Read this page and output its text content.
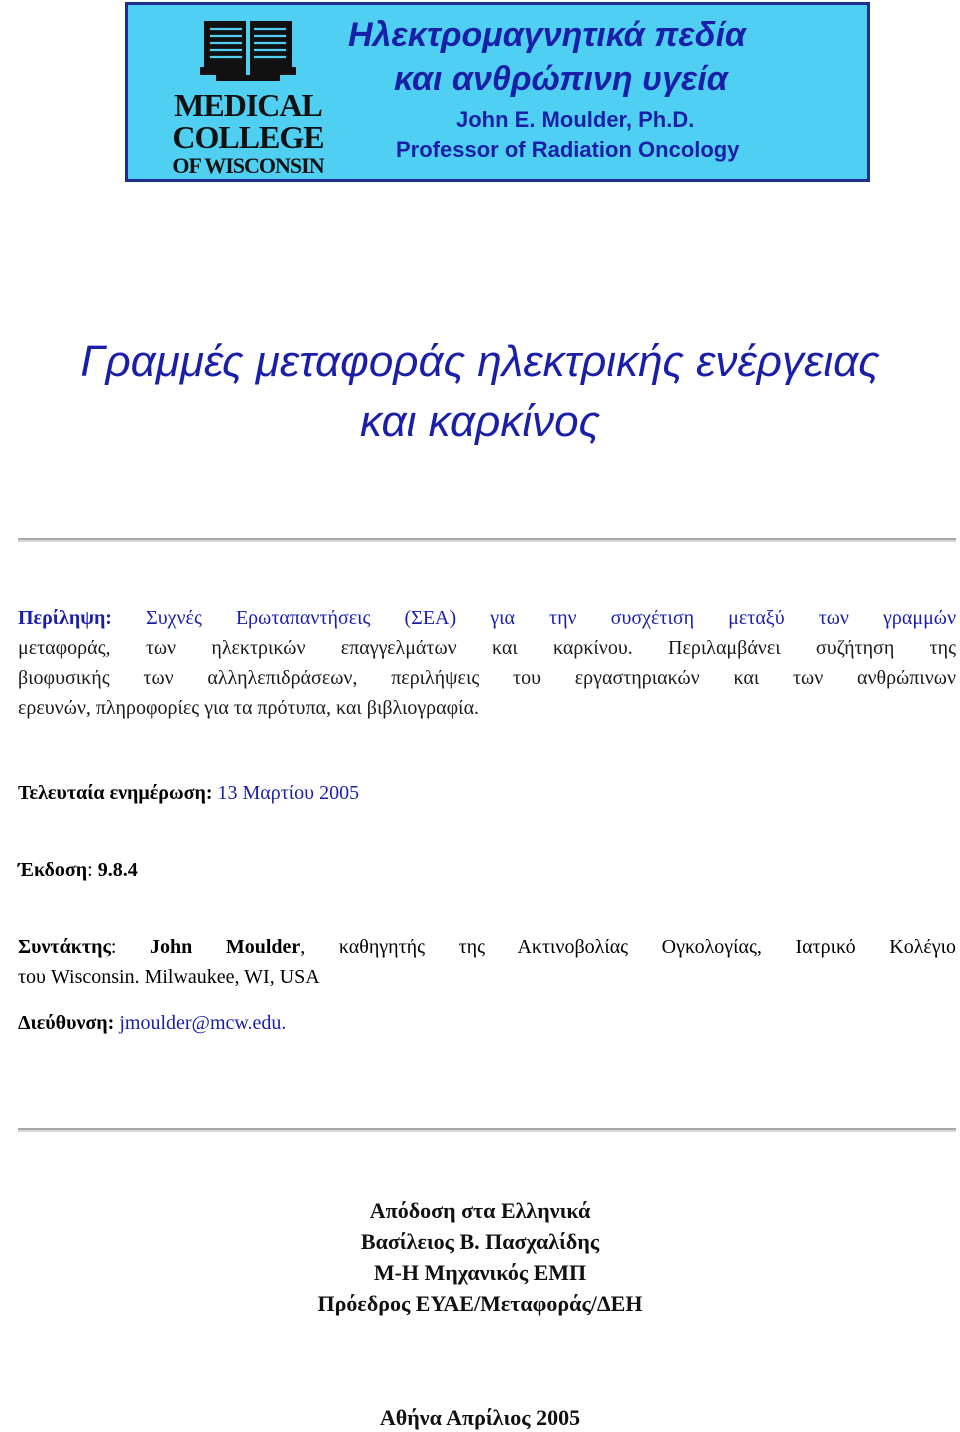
MEDICAL
COLLEGE
OF WISCONSIN
Ηλεκτρομαγνητικά πεδία
και ανθρώπινη υγεία
John E. Moulder, Ph.D.
Professor of Radiation Oncology
Γραμμές μεταφοράς ηλεκτρικής ενέργειας
και καρκίνος
Περίληψη: Συχνές Ερωταπαντήσεις (ΣΕΑ) για την συσχέτιση μεταξύ των γραμμών
μεταφοράς, των ηλεκτρικών επαγγελμάτων και καρκίνου. Περιλαμβάνει συζήτηση της
βιοφυσικής των αλληλεπιδράσεων, περιλήψεις του εργαστηριακών και των ανθρώπινων
ερευνών, πληροφορίες για τα πρότυπα, και βιβλιογραφία.
Τελευταία ενημέρωση: 13 Μαρτίου 2005
Έκδοση: 9.8.4
Συντάκτης: John Moulder, καθηγητής της Ακτινοβολίας Ογκολογίας, Ιατρικό Κολέγιο
του Wisconsin. Milwaukee, WI, USA
Διεύθυνση: jmoulder@mcw.edu.
Απόδοση στα Ελληνικά
Βασίλειος Β. Πασχαλίδης
Μ-Η Μηχανικός ΕΜΠ
Πρόεδρος ΕΥΑΕ/Μεταφοράς/ΔΕΗ
Αθήνα Απρίλιος 2005
